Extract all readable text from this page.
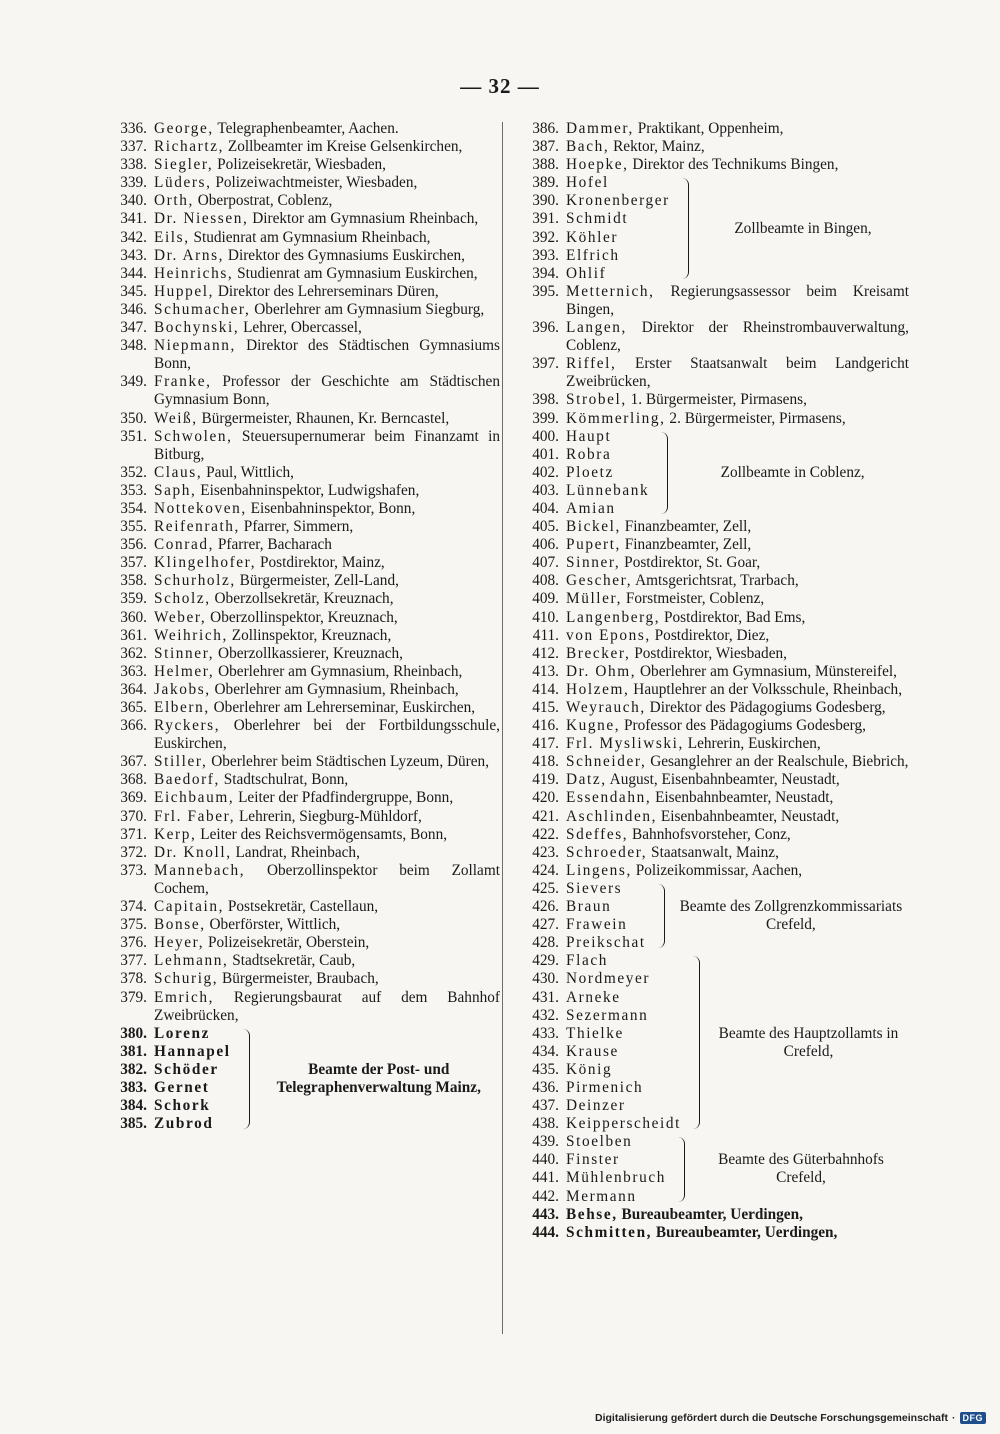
— 32 —
336. George, Telegraphenbeamter, Aachen.
337. Richartz, Zollbeamter im Kreise Gelsenkirchen,
338. Siegler, Polizeisekretär, Wiesbaden,
339. Lüders, Polizeiwachtmeister, Wiesbaden,
340. Orth, Oberpostrat, Coblenz,
341. Dr. Niessen, Direktor am Gymnasium Rheinbach,
342. Eils, Studienrat am Gymnasium Rheinbach,
343. Dr. Arns, Direktor des Gymnasiums Euskirchen,
344. Heinrichs, Studienrat am Gymnasium Euskirchen,
345. Huppel, Direktor des Lehrerseminars Düren,
346. Schumacher, Oberlehrer am Gymnasium Siegburg,
347. Bochynski, Lehrer, Obercassel,
348. Niepmann, Direktor des Städtischen Gymnasiums Bonn,
349. Franke, Professor der Geschichte am Städtischen Gymnasium Bonn,
350. Weiß, Bürgermeister, Rhaunen, Kr. Berncastel,
351. Schwolen, Steuersupernumerar beim Finanzamt in Bitburg,
352. Claus, Paul, Wittlich,
353. Saph, Eisenbahninspektor, Ludwigshafen,
354. Nottekoven, Eisenbahninspektor, Bonn,
355. Reifenrath, Pfarrer, Simmern,
356. Conrad, Pfarrer, Bacharach
357. Klingelhofer, Postdirektor, Mainz,
358. Schurholz, Bürgermeister, Zell-Land,
359. Scholz, Oberzollsekretär, Kreuznach,
360. Weber, Oberzollinspektor, Kreuznach,
361. Weihrich, Zollinspektor, Kreuznach,
362. Stinner, Oberzollkassierer, Kreuznach,
363. Helmer, Oberlehrer am Gymnasium, Rheinbach,
364. Jakobs, Oberlehrer am Gymnasium, Rheinbach,
365. Elbern, Oberlehrer am Lehrerseminar, Euskirchen,
366. Ryckers, Oberlehrer bei der Fortbildungsschule, Euskirchen,
367. Stiller, Oberlehrer beim Städtischen Lyzeum, Düren,
368. Baedorf, Stadtschulrat, Bonn,
369. Eichbaum, Leiter der Pfadfindergruppe, Bonn,
370. Frl. Faber, Lehrerin, Siegburg-Mühldorf,
371. Kerp, Leiter des Reichsvermögensamts, Bonn,
372. Dr. Knoll, Landrat, Rheinbach,
373. Mannebach, Oberzollinspektor beim Zollamt Cochem,
374. Capitain, Postsekretär, Castellaun,
375. Bonse, Oberförster, Wittlich,
376. Heyer, Polizeisekretär, Oberstein,
377. Lehmann, Stadtsekretär, Caub,
378. Schurig, Bürgermeister, Braubach,
379. Emrich, Regierungsbaurat auf dem Bahnhof Zweibrücken,
380. Lorenz
381. Hannapel
382. Schöder
383. Gernet
384. Schork
385. Zubrod
Beamte der Post- und Telegraphenverwaltung Mainz,
386. Dammer, Praktikant, Oppenheim,
387. Bach, Rektor, Mainz,
388. Hoepke, Direktor des Technikums Bingen,
389. Hofel
390. Kronenberger
391. Schmidt
392. Köhler
393. Elfrich
394. Ohlif
Zollbeamte in Bingen,
395. Metternich, Regierungsassessor beim Kreisamt Bingen,
396. Langen, Direktor der Rheinstrombauverwaltung, Coblenz,
397. Riffel, Erster Staatsanwalt beim Landgericht Zweibrücken,
398. Strobel, 1. Bürgermeister, Pirmasens,
399. Kömmerling, 2. Bürgermeister, Pirmasens,
400. Haupt
401. Robra
402. Ploetz
403. Lünnebank
404. Amian
Zollbeamte in Coblenz,
405. Bickel, Finanzbeamter, Zell,
406. Pupert, Finanzbeamter, Zell,
407. Sinner, Postdirektor, St. Goar,
408. Gescher, Amtsgerichtsrat, Trarbach,
409. Müller, Forstmeister, Coblenz,
410. Langenberg, Postdirektor, Bad Ems,
411. von Epons, Postdirektor, Diez,
412. Brecker, Postdirektor, Wiesbaden,
413. Dr. Ohm, Oberlehrer am Gymnasium, Münstereifel,
414. Holzem, Hauptlehrer an der Volksschule, Rheinbach,
415. Weyrauch, Direktor des Pädagogiums Godesberg,
416. Kugne, Professor des Pädagogiums Godesberg,
417. Frl. Mysliwski, Lehrerin, Euskirchen,
418. Schneider, Gesanglehrer an der Realschule, Biebrich,
419. Datz, August, Eisenbahnbeamter, Neustadt,
420. Essendahn, Eisenbahnbeamter, Neustadt,
421. Aschlinden, Eisenbahnbeamter, Neustadt,
422. Sdeffes, Bahnhofsvorsteher, Conz,
423. Schroeder, Staatsanwalt, Mainz,
424. Lingens, Polizeikommissar, Aachen,
425. Sievers
426. Braun
427. Frawein
428. Preikschat
Beamte des Zollgrenzkommissariats Crefeld,
429. Flach
430. Nordmeyer
431. Arneke
432. Sezermann
433. Thielke
434. Krause
435. König
436. Pirmenich
437. Deinzer
438. Keipperscheidt
Beamte des Hauptzollamts in Crefeld,
439. Stoelben
440. Finster
441. Mühlenbruch
442. Mermann
Beamte des Güterbahnhofs Crefeld,
443. Behse, Bureaubeamter, Uerdingen,
444. Schmitten, Bureaubeamter, Uerdingen,
Digitalisierung gefördert durch die Deutsche Forschungsgemeinschaft · DFG
